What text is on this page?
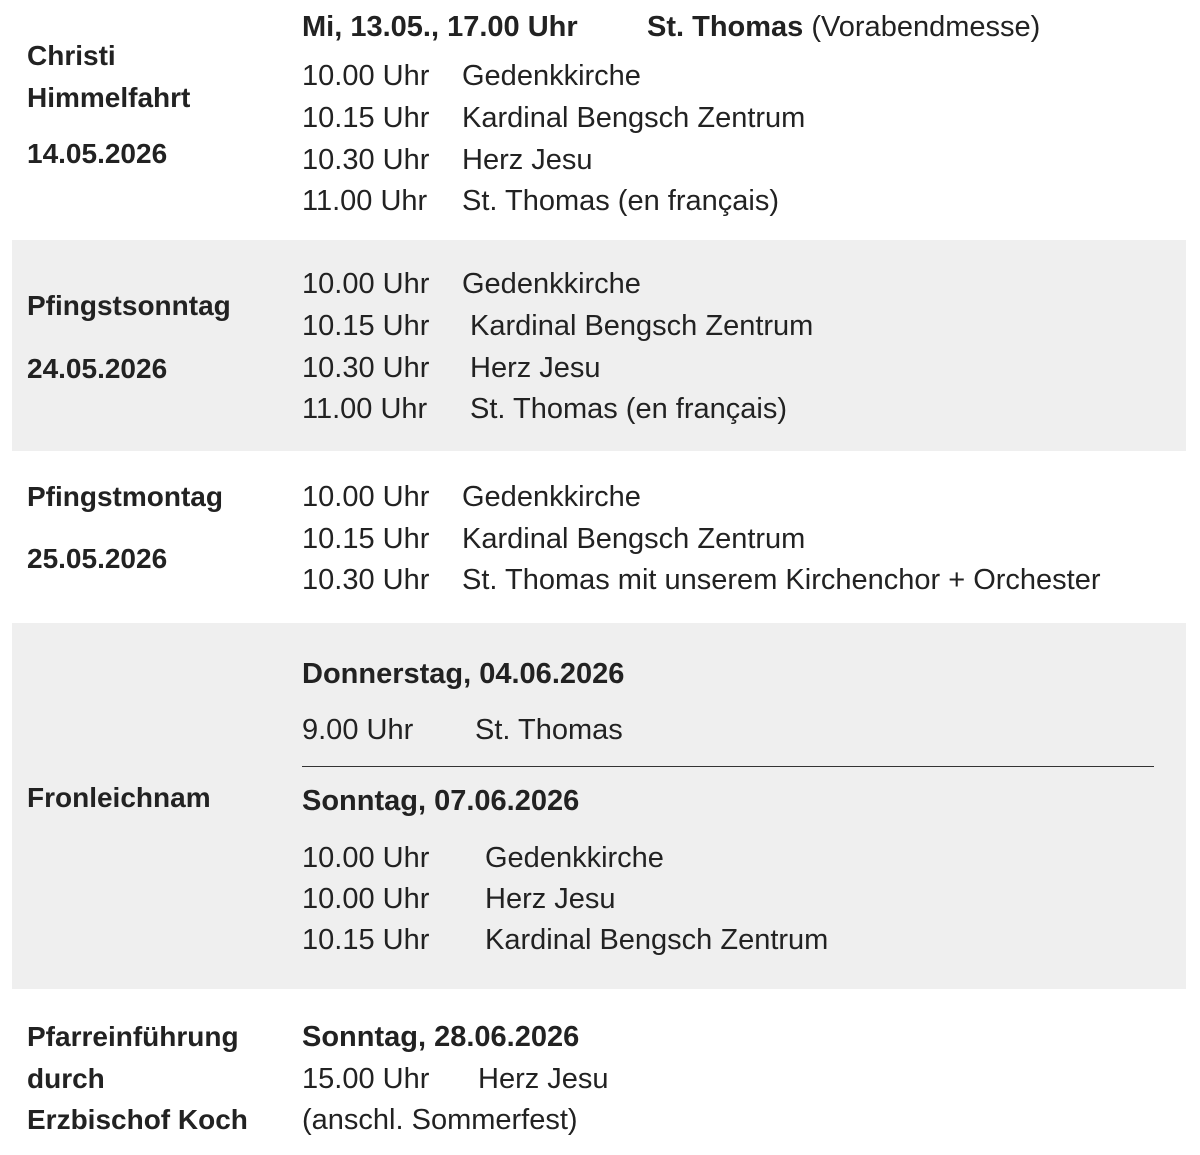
Christi
Himmelfahrt
14.05.2026
Mi, 13.05., 17.00 Uhr St. Thomas (Vorabendmesse)
10.00 Uhr Gedenkkirche
10.15 Uhr Kardinal Bengsch Zentrum
10.30 Uhr Herz Jesu
11.00 Uhr St. Thomas (en français)
Pfingstsonntag
24.05.2026
10.00 Uhr Gedenkkirche
10.15 Uhr Kardinal Bengsch Zentrum
10.30 Uhr Herz Jesu
11.00 Uhr St. Thomas (en français)
Pfingstmontag
25.05.2026
10.00 Uhr Gedenkkirche
10.15 Uhr Kardinal Bengsch Zentrum
10.30 Uhr St. Thomas mit unserem Kirchenchor + Orchester
Fronleichnam
Donnerstag, 04.06.2026
9.00 Uhr St. Thomas
Sonntag, 07.06.2026
10.00 Uhr Gedenkkirche
10.00 Uhr Herz Jesu
10.15 Uhr Kardinal Bengsch Zentrum
Pfarreinführung
durch
Erzbischof Koch
Sonntag, 28.06.2026
15.00 Uhr Herz Jesu
(anschl. Sommerfest)
